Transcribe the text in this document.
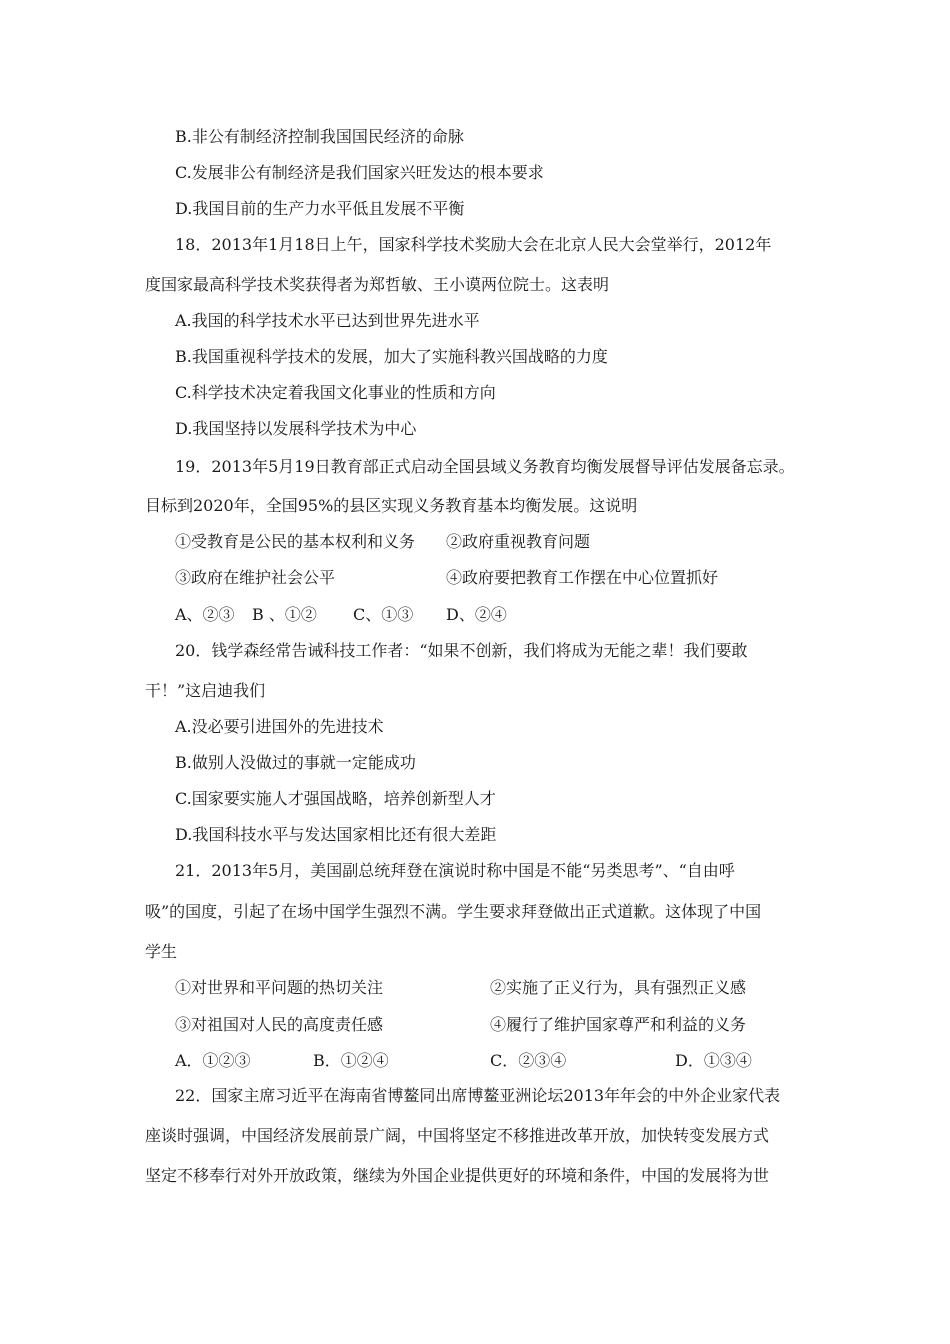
B.非公有制经济控制我国国民经济的命脉
C.发展非公有制经济是我们国家兴旺发达的根本要求
D.我国目前的生产力水平低且发展不平衡
18．2013年1月18日上午，国家科学技术奖励大会在北京人民大会堂举行，2012年
度国家最高科学技术奖获得者为郑哲敏、王小谟两位院士。这表明
A.我国的科学技术水平已达到世界先进水平
B.我国重视科学技术的发展，加大了实施科教兴国战略的力度
C.科学技术决定着我国文化事业的性质和方向
D.我国坚持以发展科学技术为中心
19．2013年5月19日教育部正式启动全国县域义务教育均衡发展督导评估发展备忘录。
目标到2020年，全国95%的县区实现义务教育基本均衡发展。这说明
①受教育是公民的基本权利和义务 ②政府重视教育问题
③政府在维护社会公平	④政府要把教育工作摆在中心位置抓好
A、②③ B 、①② C、①③ D、②④
20．钱学森经常告诫科技工作者：“如果不创新，我们将成为无能之辈！我们要敢
干！”这启迪我们
A.没必要引进国外的先进技术
B.做别人没做过的事就一定能成功
C.国家要实施人才强国战略，培养创新型人才
D.我国科技水平与发达国家相比还有很大差距
21．2013年5月，美国副总统拜登在演说时称中国是不能“另类思考”、“自由呼
吸”的国度，引起了在场中国学生强烈不满。学生要求拜登做出正式道歉。这体现了中国
学生
①对世界和平问题的热切关注	②实施了正义行为，具有强烈正义感
③对祖国对人民的高度责任感	④履行了维护国家尊严和利益的义务
A．①②③	B．①②④	C．②③④	D．①③④
22．国家主席习近平在海南省博鳌同出席博鳌亚洲论坛2013年年会的中外企业家代表
座谈时强调，中国经济发展前景广阔，中国将坚定不移推进改革开放，加快转变发展方式
坚定不移奉行对外开放政策，继续为外国企业提供更好的环境和条件，中国的发展将为世
